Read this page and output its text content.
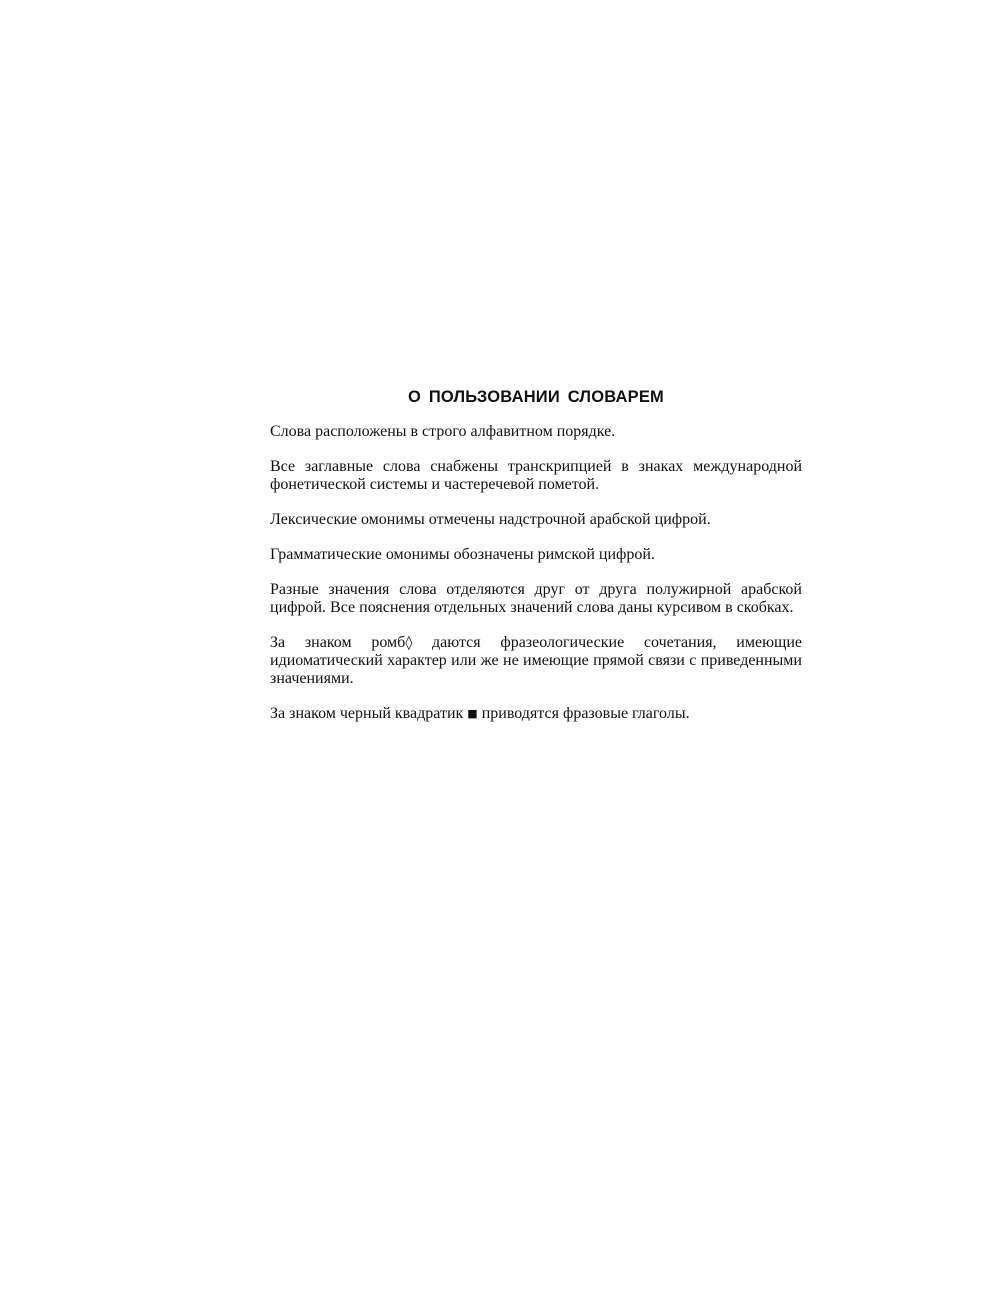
О ПОЛЬЗОВАНИИ СЛОВАРЕМ

Слова расположены в строго алфавитном порядке.

Все заглавные слова снабжены транскрипцией в знаках международной фонетической системы и частеречевой пометой.

Лексические омонимы отмечены надстрочной арабской цифрой.

Грамматические омонимы обозначены римской цифрой.

Разные значения слова отделяются друг от друга полужирной арабской цифрой. Все пояснения отдельных значений слова даны курсивом в скобках.

За знаком ромб◊ даются фразеологические сочетания, имеющие идиоматический характер или же не имеющие прямой связи с приведенными значениями.

За знаком черный квадратик ■ приводятся фразовые глаголы.
